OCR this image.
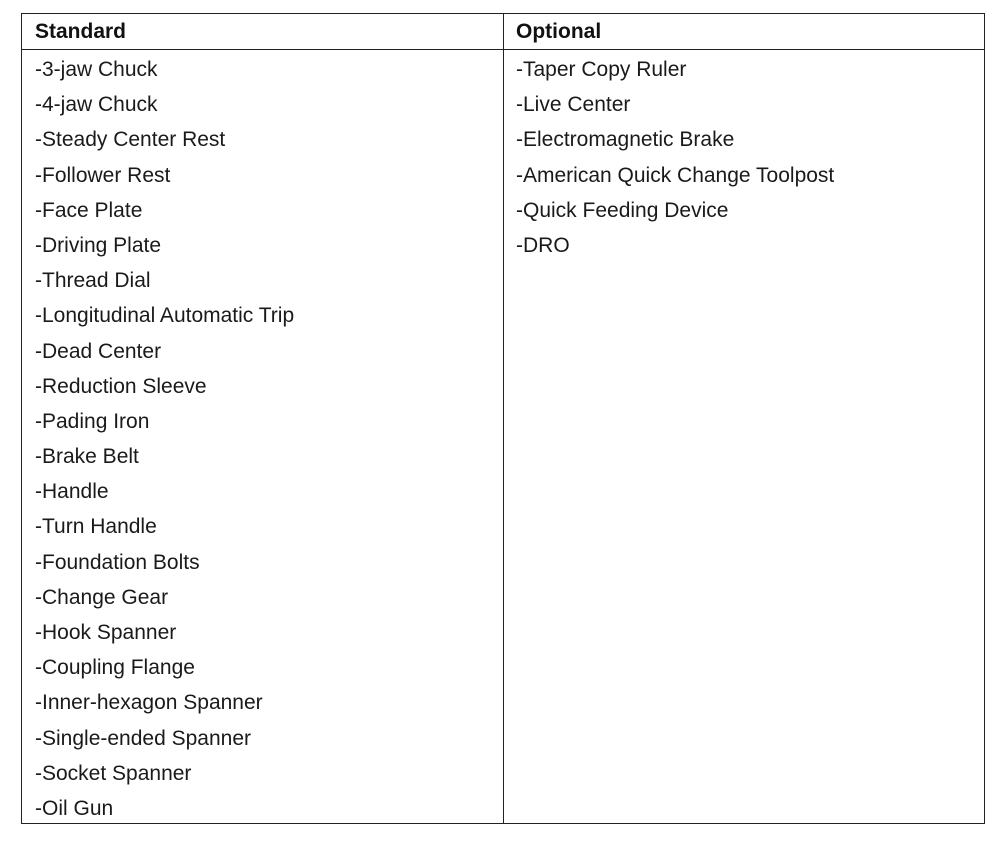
Standard	Optional
-3-jaw Chuck
-4-jaw Chuck
-Steady Center Rest
-Follower Rest
-Face Plate
-Driving Plate
-Thread Dial
-Longitudinal Automatic Trip
-Dead Center
-Reduction Sleeve
-Pading Iron
-Brake Belt
-Handle
-Turn Handle
-Foundation Bolts
-Change Gear
-Hook Spanner
-Coupling Flange
-Inner-hexagon Spanner
-Single-ended Spanner
-Socket Spanner
-Oil Gun
-Taper Copy Ruler
-Live Center
-Electromagnetic Brake
-American Quick Change Toolpost
-Quick Feeding Device
-DRO
